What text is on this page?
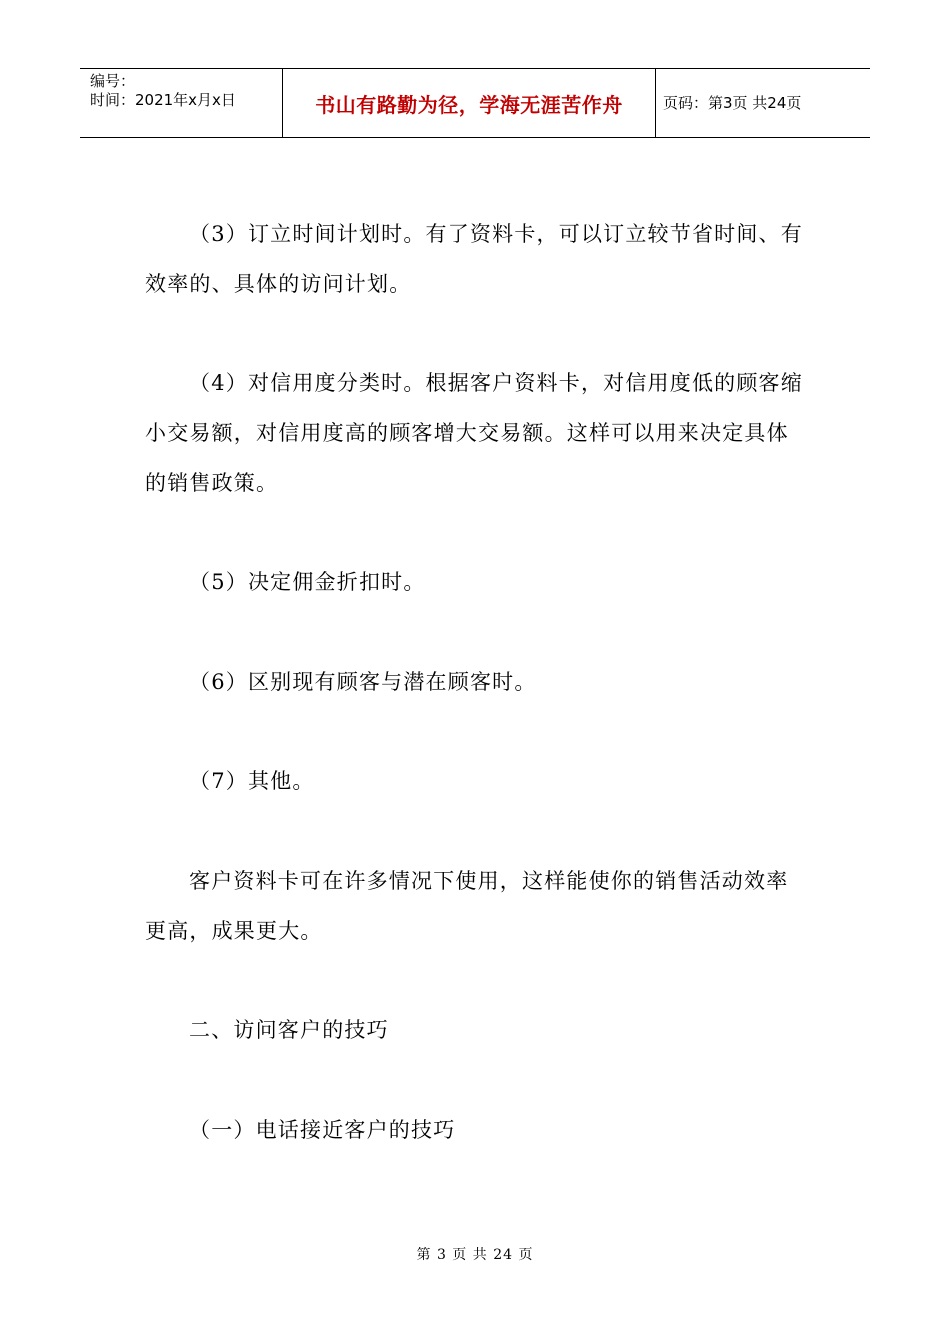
编号：
时间：2021年x月x日	书山有路勤为径，学海无涯苦作舟	页码：第3页 共24页

（3）订立时间计划时。有了资料卡，可以订立较节省时间、有效率的、具体的访问计划。

（4）对信用度分类时。根据客户资料卡，对信用度低的顾客缩小交易额，对信用度高的顾客增大交易额。这样可以用来决定具体的销售政策。

（5）决定佣金折扣时。

（6）区别现有顾客与潜在顾客时。

（7）其他。

客户资料卡可在许多情况下使用，这样能使你的销售活动效率更高，成果更大。

二、访问客户的技巧

（一）电话接近客户的技巧

第 3 页 共 24 页
